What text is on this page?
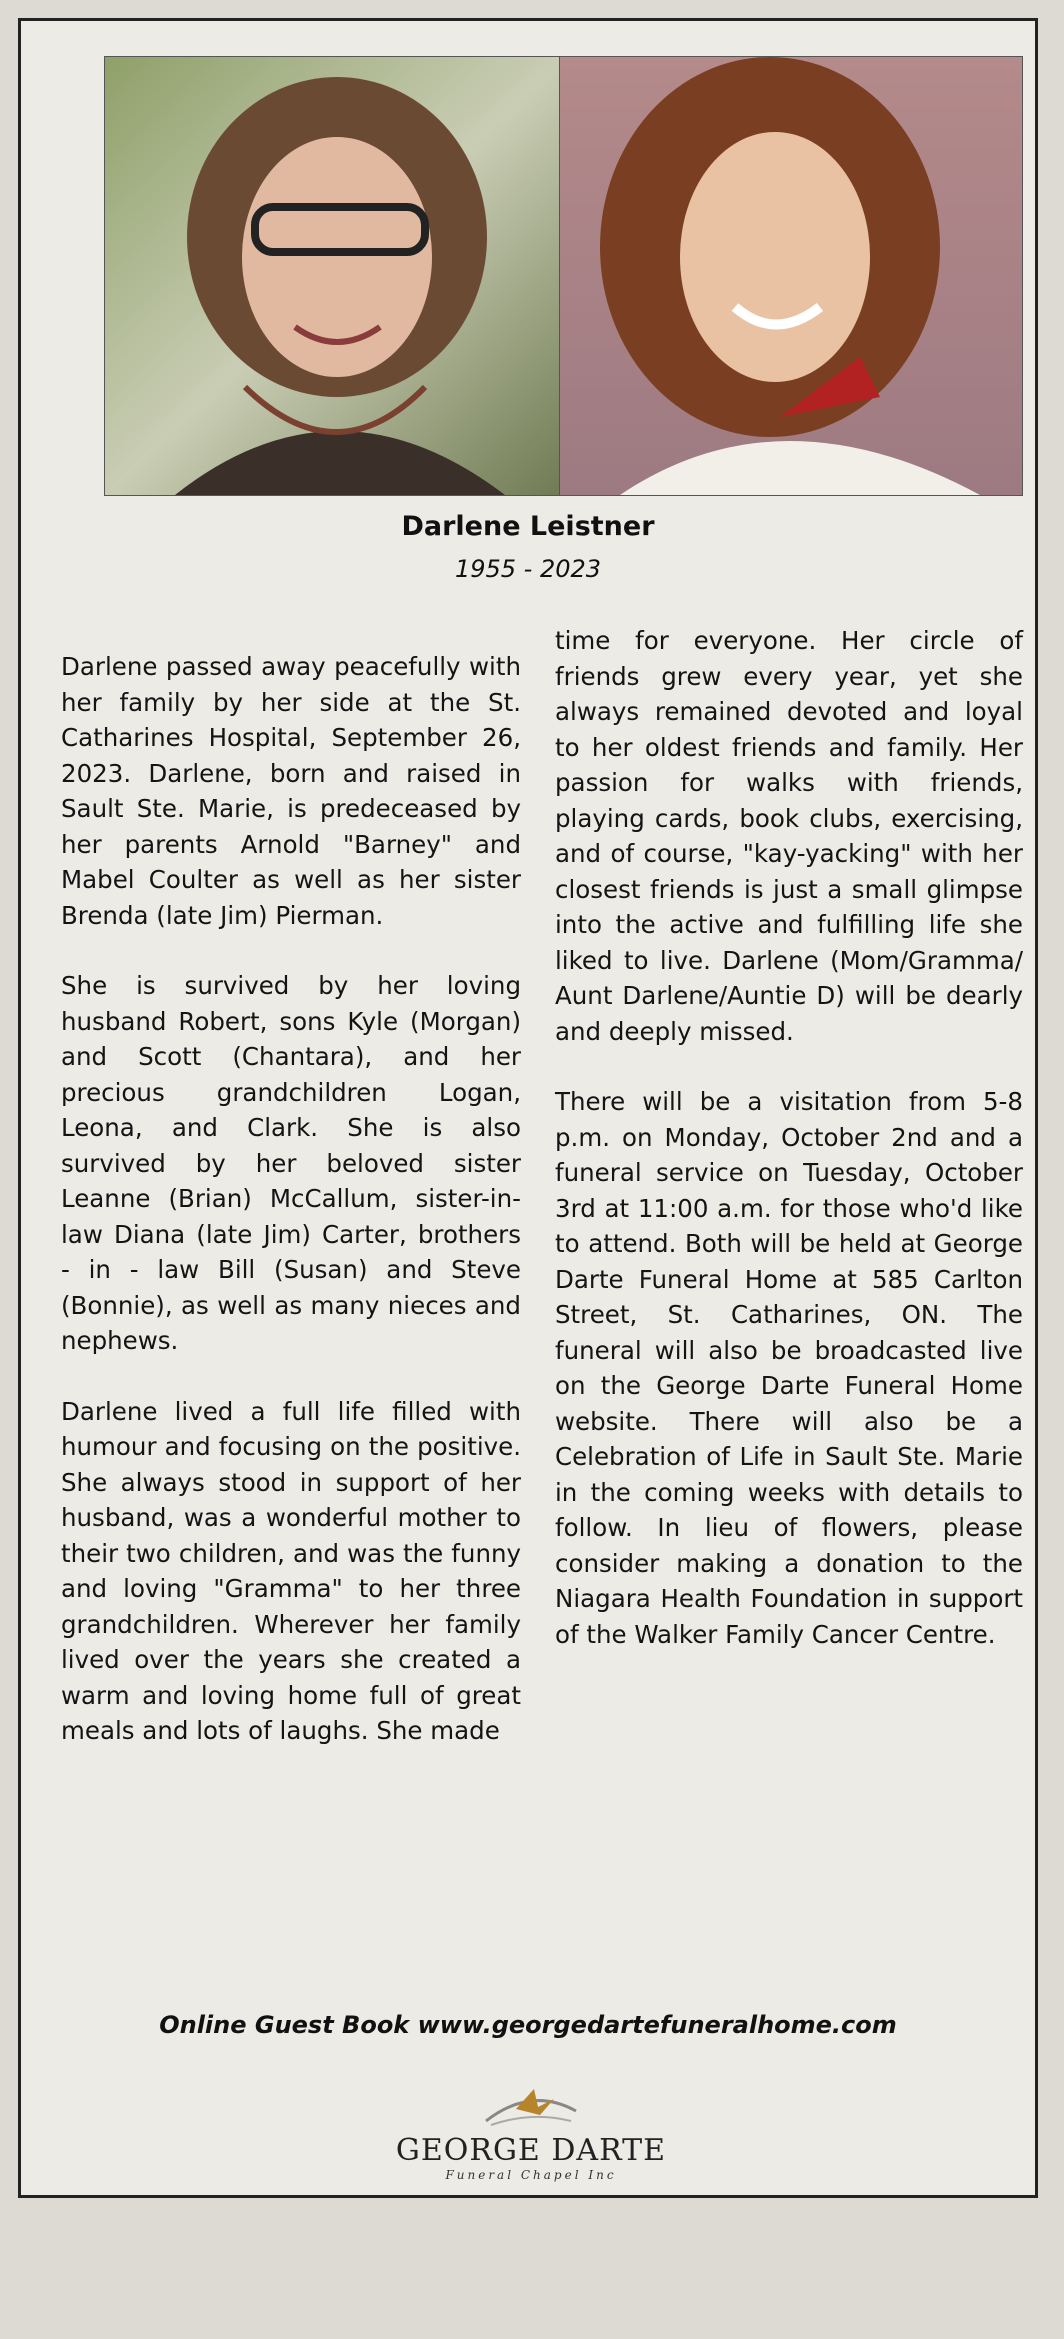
Darlene Leistner
1955 - 2023

Darlene passed away peacefully with her family by her side at the St. Catharines Hospital, September 26, 2023. Darlene, born and raised in Sault Ste. Marie, is predeceased by her parents Arnold "Barney" and Mabel Coulter as well as her sister Brenda (late Jim) Pierman.

She is survived by her loving husband Robert, sons Kyle (Morgan) and Scott (Chantara), and her precious grandchildren Logan, Leona, and Clark. She is also survived by her beloved sister Leanne (Brian) McCallum, sister-in-law Diana (late Jim) Carter, brothers - in - law Bill (Susan) and Steve (Bonnie), as well as many nieces and nephews.

Darlene lived a full life filled with humour and focusing on the positive. She always stood in support of her husband, was a wonderful mother to their two children, and was the funny and loving "Gramma" to her three grandchildren. Wherever her family lived over the years she created a warm and loving home full of great meals and lots of laughs. She made

time for everyone. Her circle of friends grew every year, yet she always remained devoted and loyal to her oldest friends and family. Her passion for walks with friends, playing cards, book clubs, exercising, and of course, "kay-yacking" with her closest friends is just a small glimpse into the active and fulfilling life she liked to live. Darlene (Mom/Gramma/ Aunt Darlene/Auntie D) will be dearly and deeply missed.

There will be a visitation from 5-8 p.m. on Monday, October 2nd and a funeral service on Tuesday, October 3rd at 11:00 a.m. for those who'd like to attend. Both will be held at George Darte Funeral Home at 585 Carlton Street, St. Catharines, ON. The funeral will also be broadcasted live on the George Darte Funeral Home website. There will also be a Celebration of Life in Sault Ste. Marie in the coming weeks with details to follow. In lieu of flowers, please consider making a donation to the Niagara Health Foundation in support of the Walker Family Cancer Centre.

Online Guest Book www.georgedartefuneralhome.com
GEORGE DARTE
Funeral Chapel Inc
